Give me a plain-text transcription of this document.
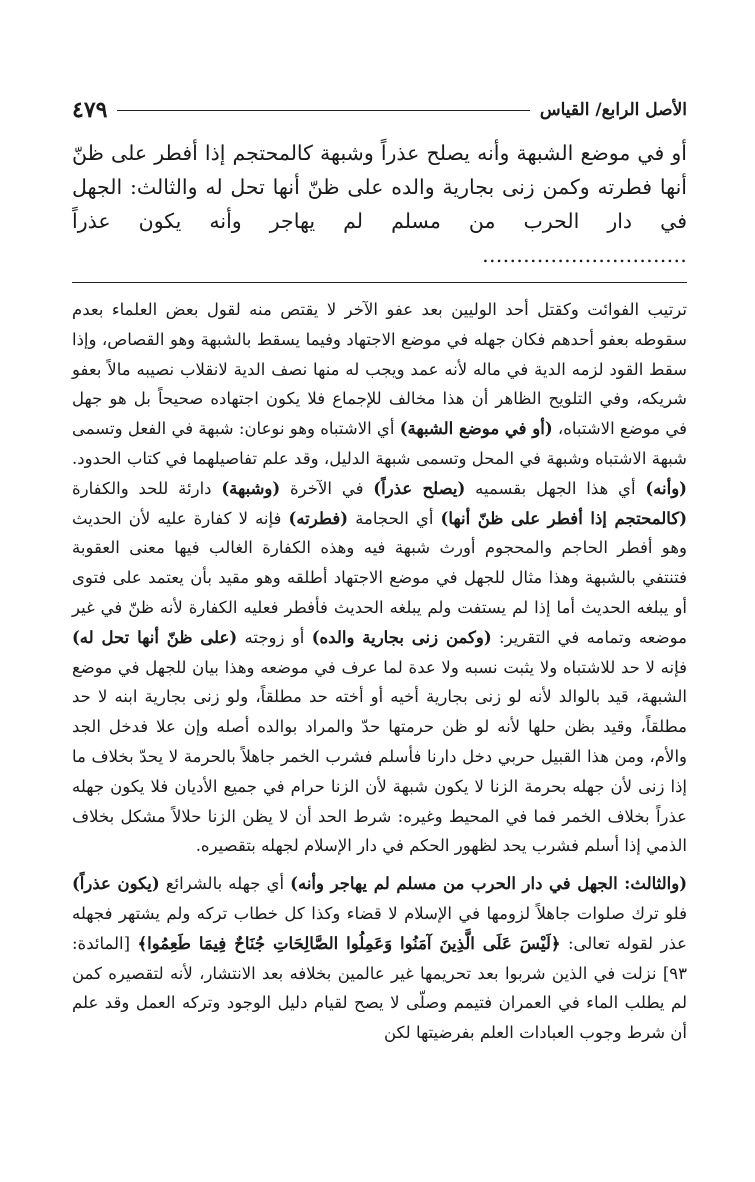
الأصل الرابع/ القياس
٤٧٩

أو في موضع الشبهة وأنه يصلح عذراً وشبهة كالمحتجم إذا أفطر على ظنّ أنها فطرته وكمن زنى بجارية والده على ظنّ أنها تحل له والثالث: الجهل في دار الحرب من مسلم لم يهاجر وأنه يكون عذراً …………………………

ترتيب الفوائت وكقتل أحد الوليين بعد عفو الآخر لا يقتص منه لقول بعض العلماء بعدم سقوطه بعفو أحدهم فكان جهله في موضع الاجتهاد وفيما يسقط بالشبهة وهو القصاص، وإذا سقط القود لزمه الدية في ماله لأنه عمد ويجب له منها نصف الدية لانقلاب نصيبه مالاً بعفو شريكه، وفي التلويح الظاهر أن هذا مخالف للإجماع فلا يكون اجتهاده صحيحاً بل هو جهل في موضع الاشتباه، (أو في موضع الشبهة) أي الاشتباه وهو نوعان: شبهة في الفعل وتسمى شبهة الاشتباه وشبهة في المحل وتسمى شبهة الدليل، وقد علم تفاصيلهما في كتاب الحدود. (وأنه) أي هذا الجهل بقسميه (يصلح عذراً) في الآخرة (وشبهة) دارئة للحد والكفارة (كالمحتجم إذا أفطر على ظنّ أنها) أي الحجامة (فطرته) فإنه لا كفارة عليه لأن الحديث وهو أفطر الحاجم والمحجوم أورث شبهة فيه وهذه الكفارة الغالب فيها معنى العقوبة فتنتفي بالشبهة وهذا مثال للجهل في موضع الاجتهاد أطلقه وهو مقيد بأن يعتمد على فتوى أو يبلغه الحديث أما إذا لم يستفت ولم يبلغه الحديث فأفطر فعليه الكفارة لأنه ظنّ في غير موضعه وتمامه في التقرير: (وكمن زنى بجارية والده) أو زوجته (على ظنّ أنها تحل له) فإنه لا حد للاشتباه ولا يثبت نسبه ولا عدة لما عرف في موضعه وهذا بيان للجهل في موضع الشبهة، قيد بالوالد لأنه لو زنى بجارية أخيه أو أخته حد مطلقاً، ولو زنى بجارية ابنه لا حد مطلقاً، وقيد بظن حلها لأنه لو ظن حرمتها حدّ والمراد بوالده أصله وإن علا فدخل الجد والأم، ومن هذا القبيل حربي دخل دارنا فأسلم فشرب الخمر جاهلاً بالحرمة لا يحدّ بخلاف ما إذا زنى لأن جهله بحرمة الزنا لا يكون شبهة لأن الزنا حرام في جميع الأديان فلا يكون جهله عذراً بخلاف الخمر فما في المحيط وغيره: شرط الحد أن لا يظن الزنا حلالاً مشكل بخلاف الذمي إذا أسلم فشرب يحد لظهور الحكم في دار الإسلام لجهله بتقصيره.

(والثالث: الجهل في دار الحرب من مسلم لم يهاجر وأنه) أي جهله بالشرائع (يكون عذراً) فلو ترك صلوات جاهلاً لزومها في الإسلام لا قضاء وكذا كل خطاب تركه ولم يشتهر فجهله عذر لقوله تعالى: ﴿لَيْسَ عَلَى الَّذِينَ آمَنُوا وَعَمِلُوا الصَّالِحَاتِ جُنَاحٌ فِيمَا طَعِمُوا﴾ [المائدة: ٩٣] نزلت في الذين شربوا بعد تحريمها غير عالمين بخلافه بعد الانتشار، لأنه لتقصيره كمن لم يطلب الماء في العمران فتيمم وصلّى لا يصح لقيام دليل الوجود وتركه العمل وقد علم أن شرط وجوب العبادات العلم بفرضيتها لكن
